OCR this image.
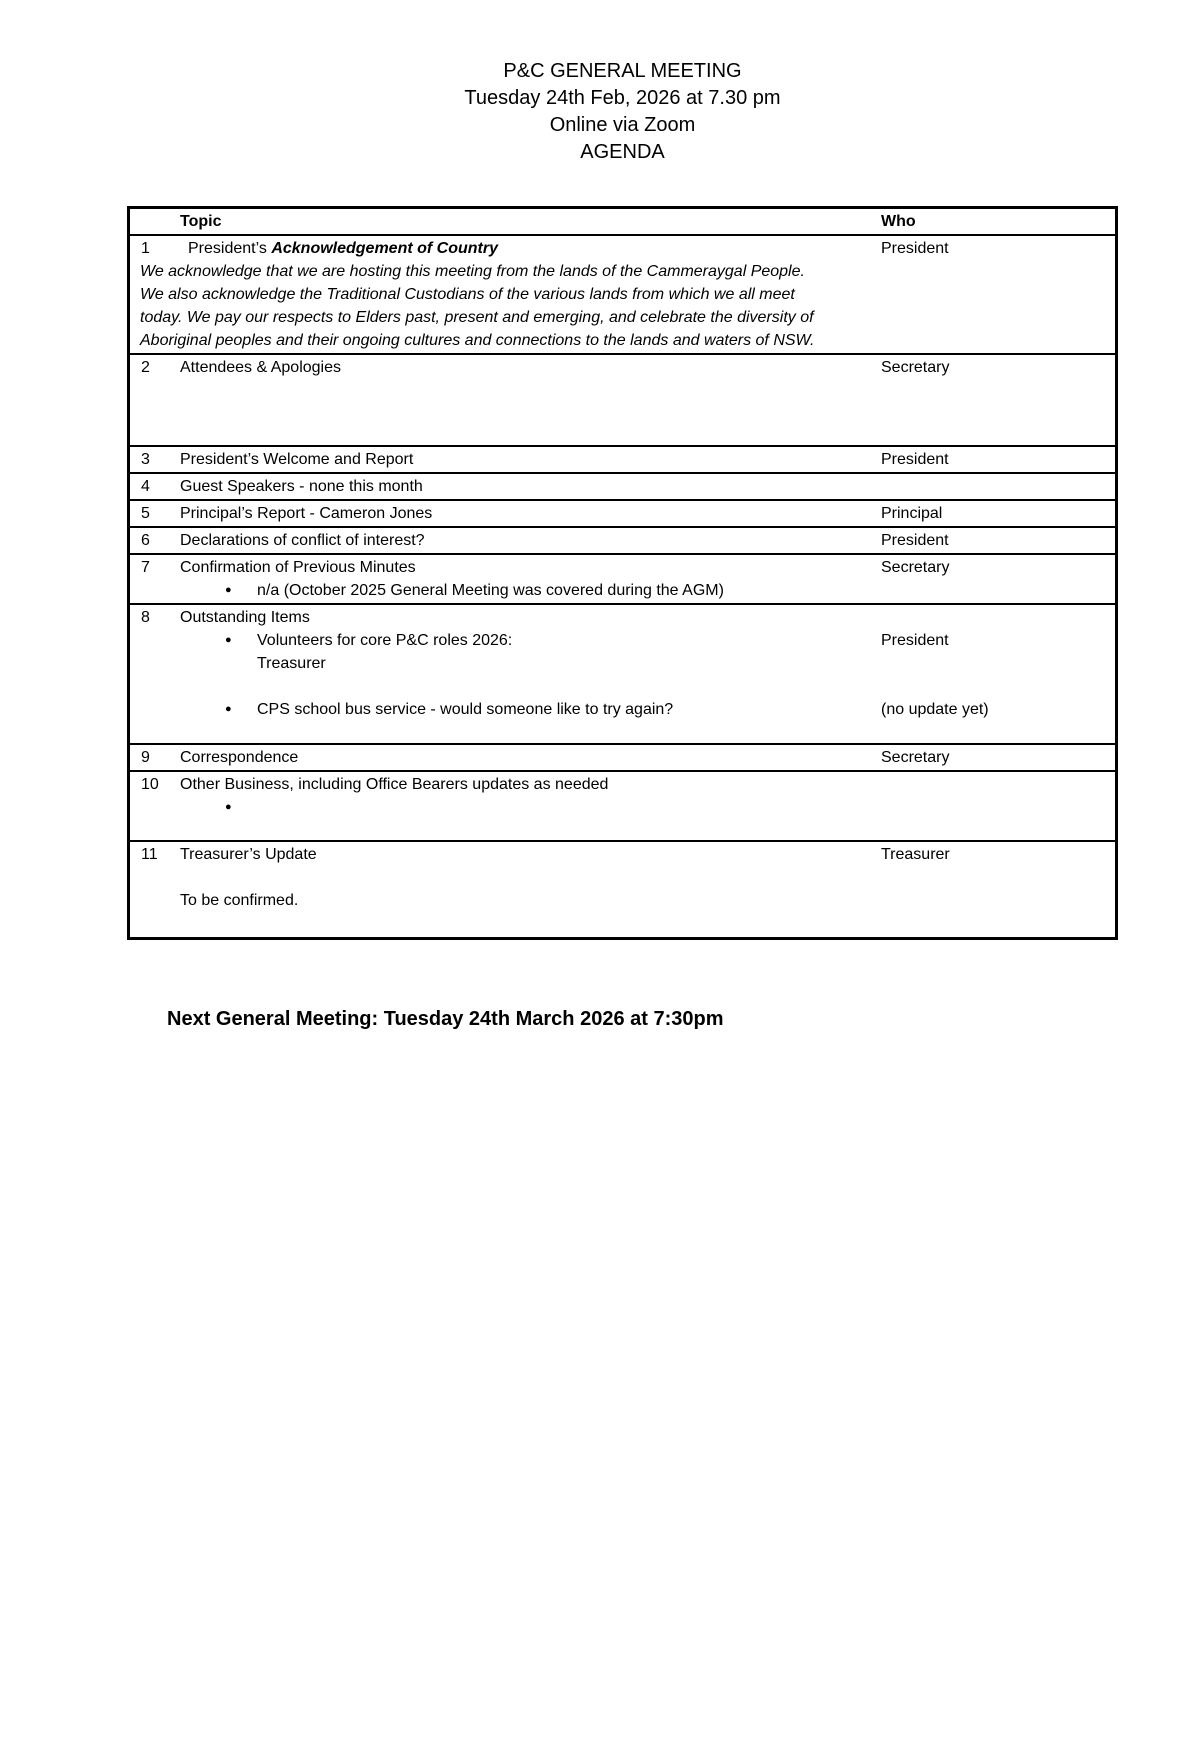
P&C GENERAL MEETING
Tuesday 24th Feb, 2026 at 7.30 pm
Online via Zoom
AGENDA
Topic	Who
1 President’s Acknowledgement of Country	President
We acknowledge that we are hosting this meeting from the lands of the Cammeraygal People.
We also acknowledge the Traditional Custodians of the various lands from which we all meet
today. We pay our respects to Elders past, present and emerging, and celebrate the diversity of
Aboriginal peoples and their ongoing cultures and connections to the lands and waters of NSW.
2 Attendees & Apologies	Secretary
3 President’s Welcome and Report	President
4 Guest Speakers - none this month
5 Principal’s Report - Cameron Jones	Principal
6 Declarations of conflict of interest?	President
7 Confirmation of Previous Minutes	Secretary
● n/a (October 2025 General Meeting was covered during the AGM)
8 Outstanding Items
● Volunteers for core P&C roles 2026:	President
Treasurer
● CPS school bus service - would someone like to try again?	(no update yet)
9 Correspondence	Secretary
10 Other Business, including Office Bearers updates as needed
●
11 Treasurer’s Update	Treasurer
To be confirmed.
Next General Meeting: Tuesday 24th March 2026 at 7:30pm
